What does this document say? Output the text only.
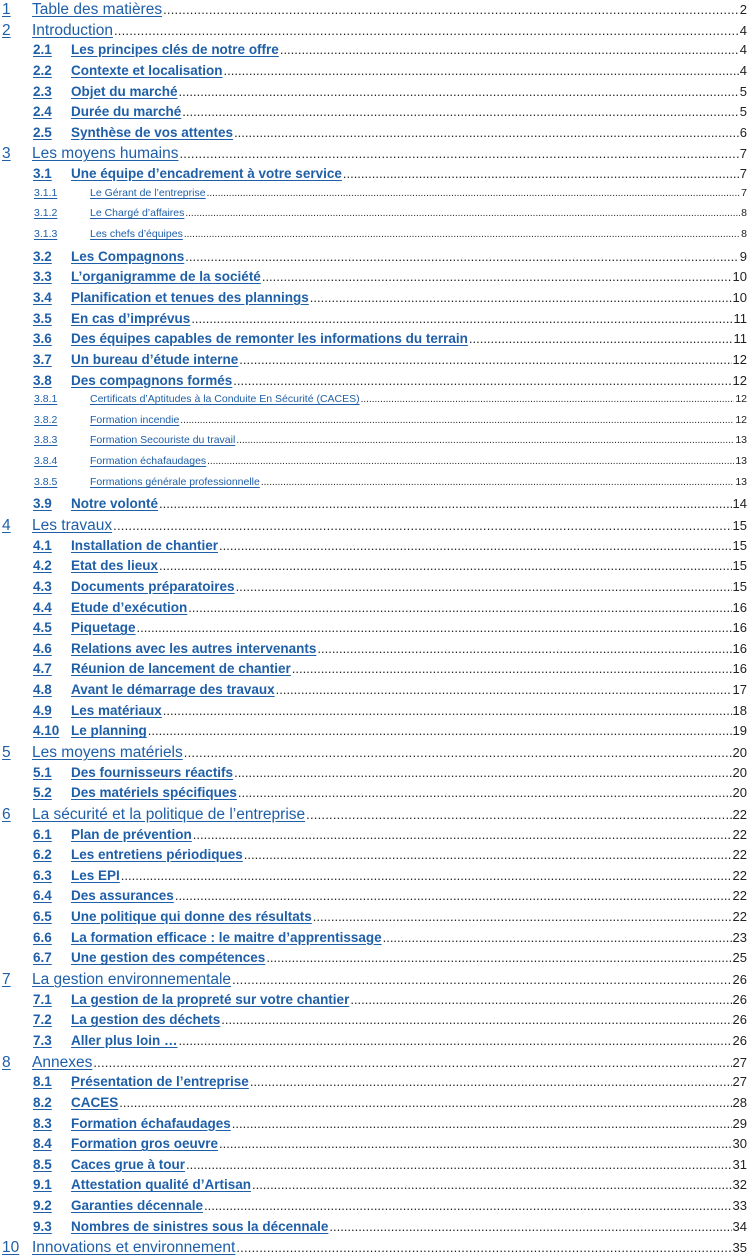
1	Table des matières .....	2
2	Introduction .....	4
2.1	Les principes clés de notre offre .....	4
2.2	Contexte et localisation .....	4
2.3	Objet du marché .....	5
2.4	Durée du marché .....	5
2.5	Synthèse de vos attentes .....	6
3	Les moyens humains .....	7
3.1	Une équipe d’encadrement à votre service .....	7
3.1.1	Le Gérant de l’entreprise .....	7
3.1.2	Le Chargé d’affaires .....	8
3.1.3	Les chefs d’équipes .....	8
3.2	Les Compagnons .....	9
3.3	L’organigramme de la société .....	10
3.4	Planification et tenues des plannings .....	10
3.5	En cas d’imprévus .....	11
3.6	Des équipes capables de remonter les informations du terrain .....	11
3.7	Un bureau d’étude interne .....	12
3.8	Des compagnons formés .....	12
3.8.1	Certificats d’Aptitudes à la Conduite En Sécurité (CACES) .....	12
3.8.2	Formation incendie .....	12
3.8.3	Formation Secouriste du travail .....	13
3.8.4	Formation échafaudages .....	13
3.8.5	Formations générale professionnelle .....	13
3.9	Notre volonté .....	14
4	Les travaux .....	15
4.1	Installation de chantier .....	15
4.2	Etat des lieux .....	15
4.3	Documents préparatoires .....	15
4.4	Etude d’exécution .....	16
4.5	Piquetage .....	16
4.6	Relations avec les autres intervenants .....	16
4.7	Réunion de lancement de chantier .....	16
4.8	Avant le démarrage des travaux .....	17
4.9	Les matériaux .....	18
4.10 Le planning .....	19
5	Les moyens matériels .....	20
5.1	Des fournisseurs réactifs .....	20
5.2	Des matériels spécifiques .....	20
6	La sécurité et la politique de l’entreprise .....	22
6.1	Plan de prévention .....	22
6.2	Les entretiens périodiques .....	22
6.3	Les EPI .....	22
6.4	Des assurances .....	22
6.5	Une politique qui donne des résultats .....	22
6.6	La formation efficace : le maitre d’apprentissage .....	23
6.7	Une gestion des compétences .....	25
7	La gestion environnementale .....	26
7.1	La gestion de la propreté sur votre chantier .....	26
7.2	La gestion des déchets .....	26
7.3	Aller plus loin … .....	26
8	Annexes .....	27
8.1	Présentation de l’entreprise .....	27
8.2	CACES .....	28
8.3	Formation échafaudages .....	29
8.4	Formation gros oeuvre .....	30
8.5	Caces grue à tour .....	31
9.1	Attestation qualité d’Artisan .....	32
9.2	Garanties décennale .....	33
9.3	Nombres de sinistres sous la décennale .....	34
10 Innovations et environnement .....	35
